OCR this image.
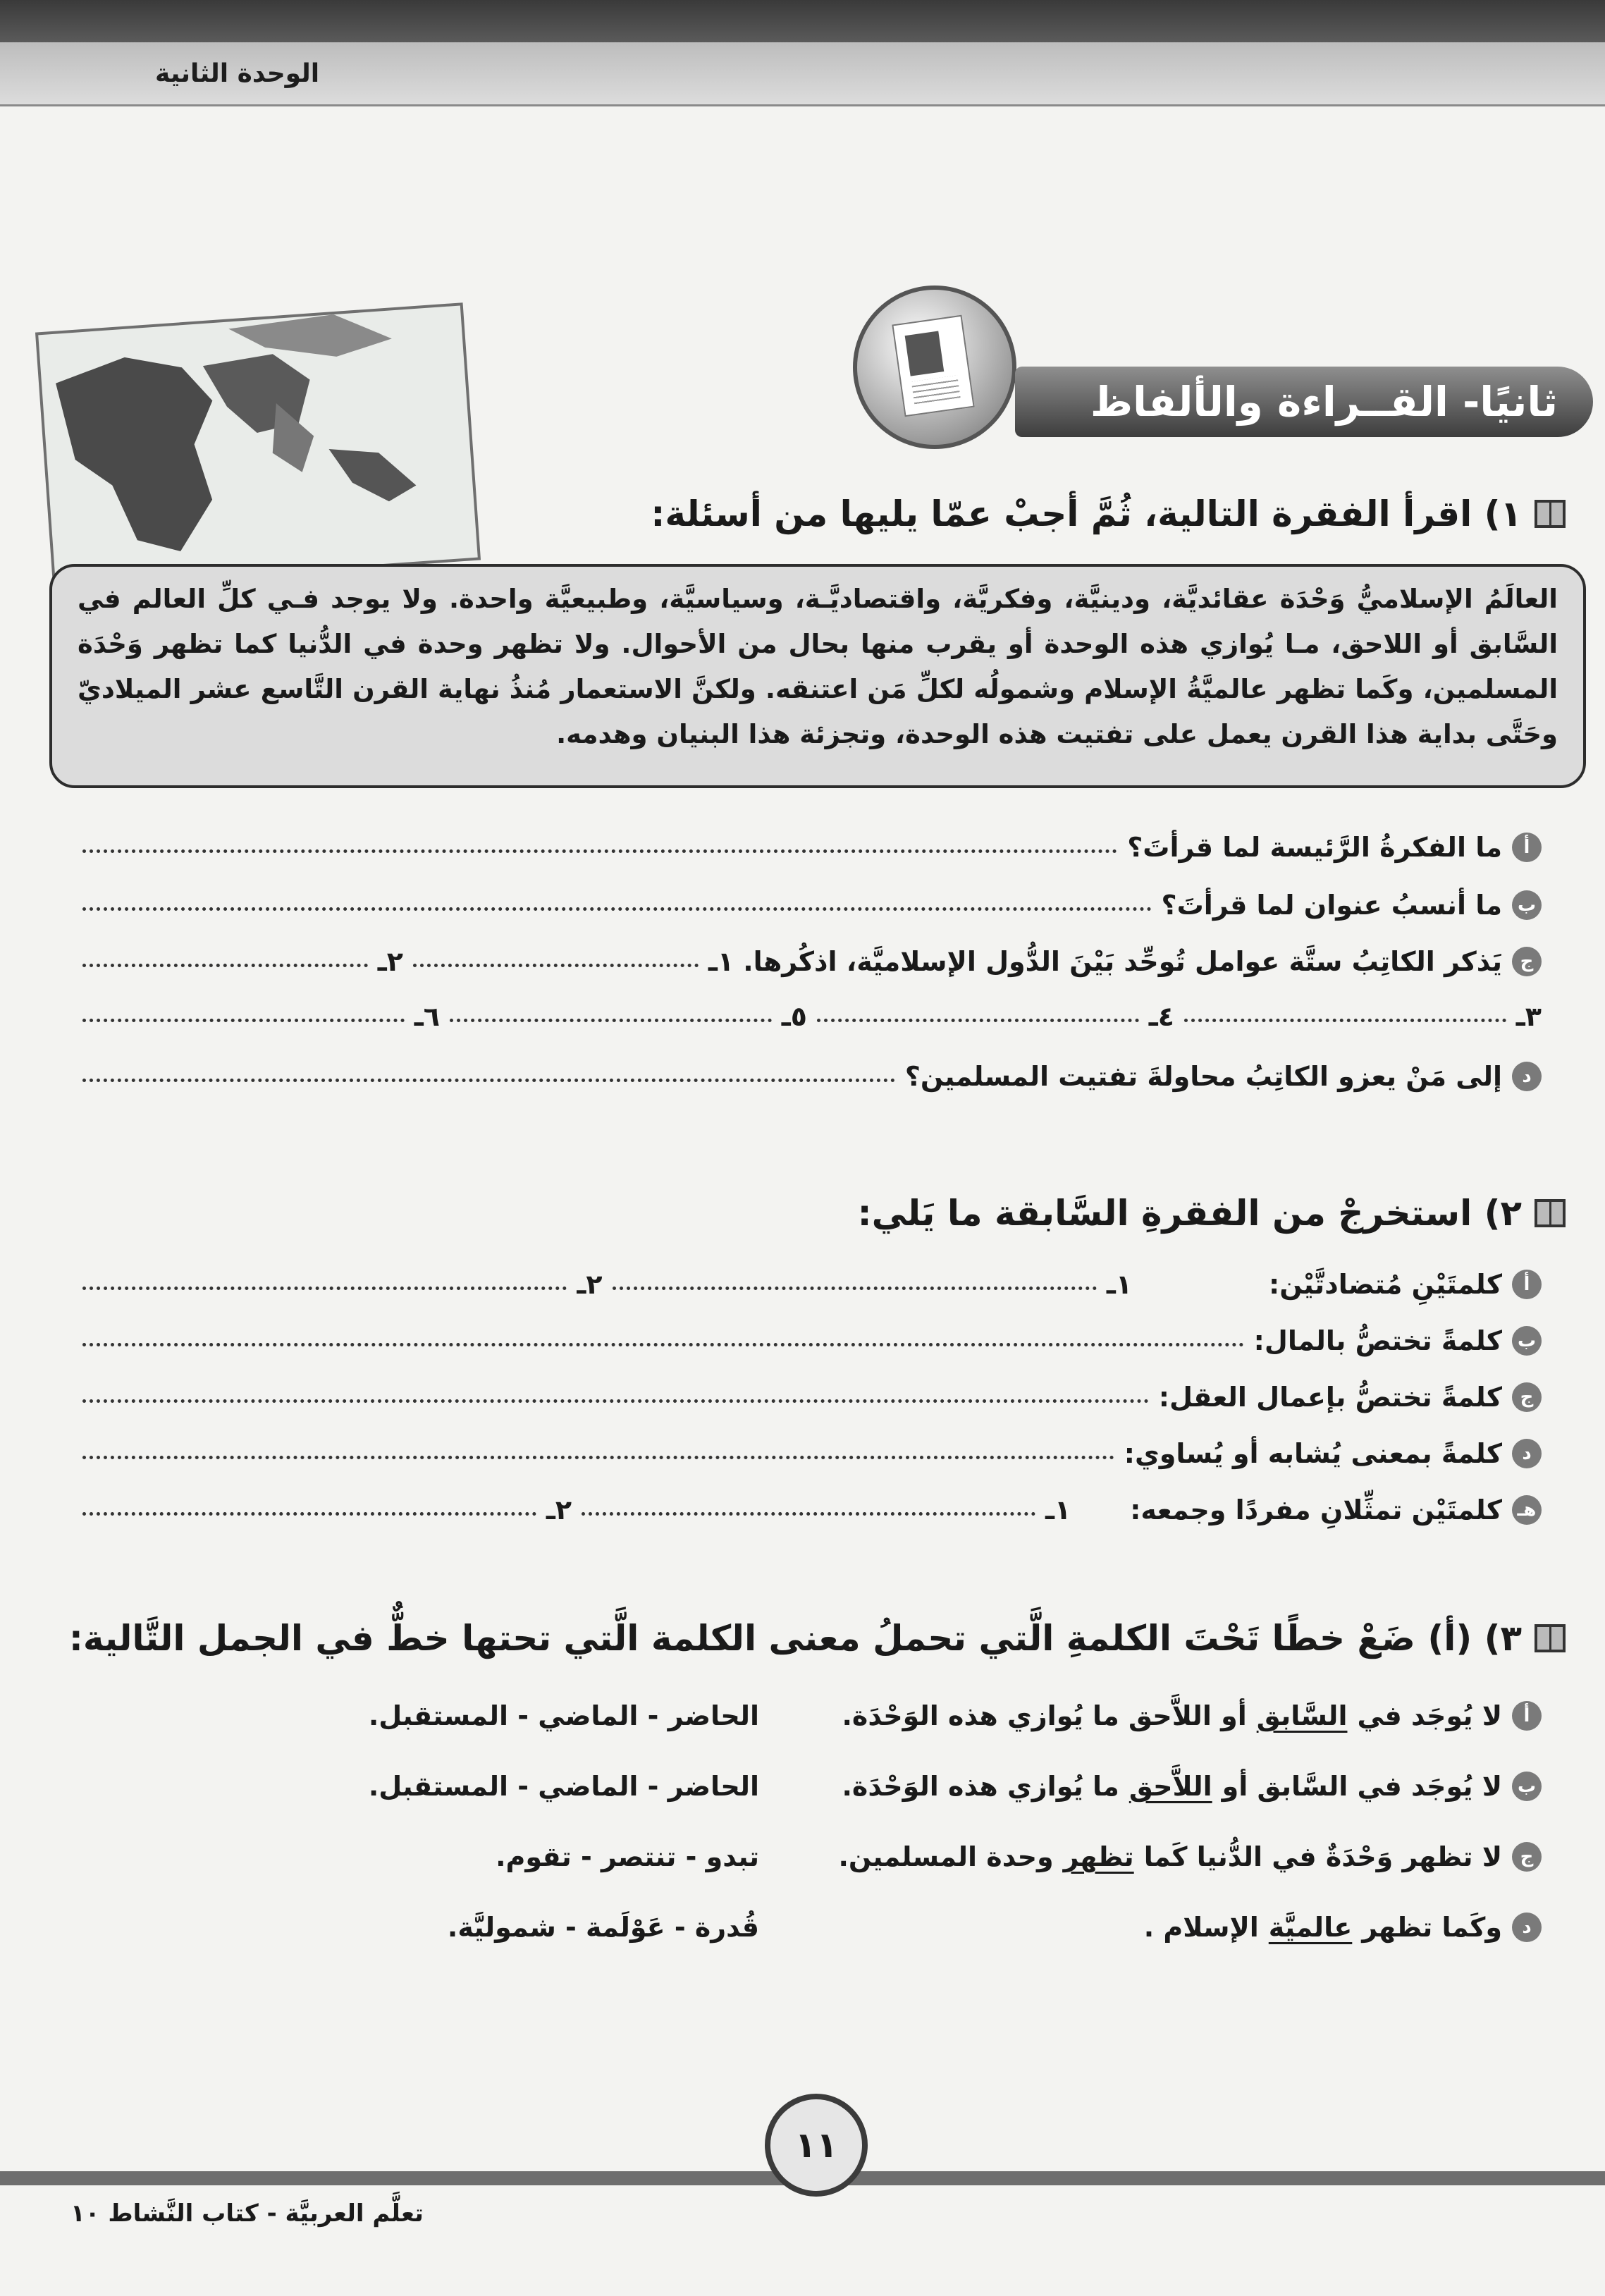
الوحدة الثانية
ثانيًا- القــراءة والألفاظ
١) اقرأ الفقرة التالية، ثُمَّ أجبْ عمّا يليها من أسئلة:
العالَمُ الإسلاميُّ وَحْدَة عقائديَّة، ودينيَّة، وفكريَّة، واقتصاديَّـة، وسياسيَّة، وطبيعيَّة واحدة. ولا يوجد فـي كلِّ العالم في السَّابق أو اللاحق، مـا يُوازي هذه الوحدة أو يقرب منها بحال من الأحوال. ولا تظهر وحدة في الدُّنيا كما تظهر وَحْدَة المسلمين، وكَما تظهر عالميَّةُ الإسلام وشمولُه لكلِّ مَن اعتنقه. ولكنَّ الاستعمار مُنذُ نهاية القرن التَّاسع عشر الميلاديّ وحَتَّى بداية هذا القرن يعمل على تفتيت هذه الوحدة، وتجزئة هذا البنيان وهدمه.
أ
ما الفكرةُ الرَّئيسة لما قرأتَ؟
ب
ما أنسبُ عنوان لما قرأتَ؟
ج
يَذكر الكاتِبُ ستَّة عوامل تُوحِّد بَيْنَ الدُّول الإسلاميَّة، اذكُرها. ١ـ
٢ـ
٣ـ
٤ـ
٥ـ
٦ـ
د
إلى مَنْ يعزو الكاتِبُ محاولةَ تفتيت المسلمين؟
٢) استخرجْ من الفقرةِ السَّابقة ما يَلي:
أ
كلمتَيْنِ مُتضادتَّيْن:
١ـ
٢ـ
ب
كلمةً تختصُّ بالمال:
ج
كلمةً تختصُّ بإعمال العقل:
د
كلمةً بمعنى يُشابه أو يُساوي:
هـ
كلمتَيْن تمثِّلانِ مفردًا وجمعه:
١ـ
٢ـ
٣) (أ) ضَعْ خطًا تَحْتَ الكلمةِ الَّتي تحملُ معنى الكلمة الَّتي تحتها خطٌّ في الجمل التَّالية:
أ
لا يُوجَد في
السَّابق
أو اللاَّحق ما يُوازي هذه الوَحْدَة.
الحاضر - الماضي - المستقبل.
ب
لا يُوجَد في السَّابق أو
اللاَّحق
ما يُوازي هذه الوَحْدَة.
الحاضر - الماضي - المستقبل.
ج
لا تظهر وَحْدَةٌ في الدُّنيا كَما
تظهر
وحدة المسلمين.
تبدو - تنتصر - تقوم.
د
وكَما تظهر
عالميَّة
الإسلام .
قُدرة - عَوْلَمة - شموليَّة.
١١
تعلَّم العربيَّة - كتاب النَّشاط ١٠
